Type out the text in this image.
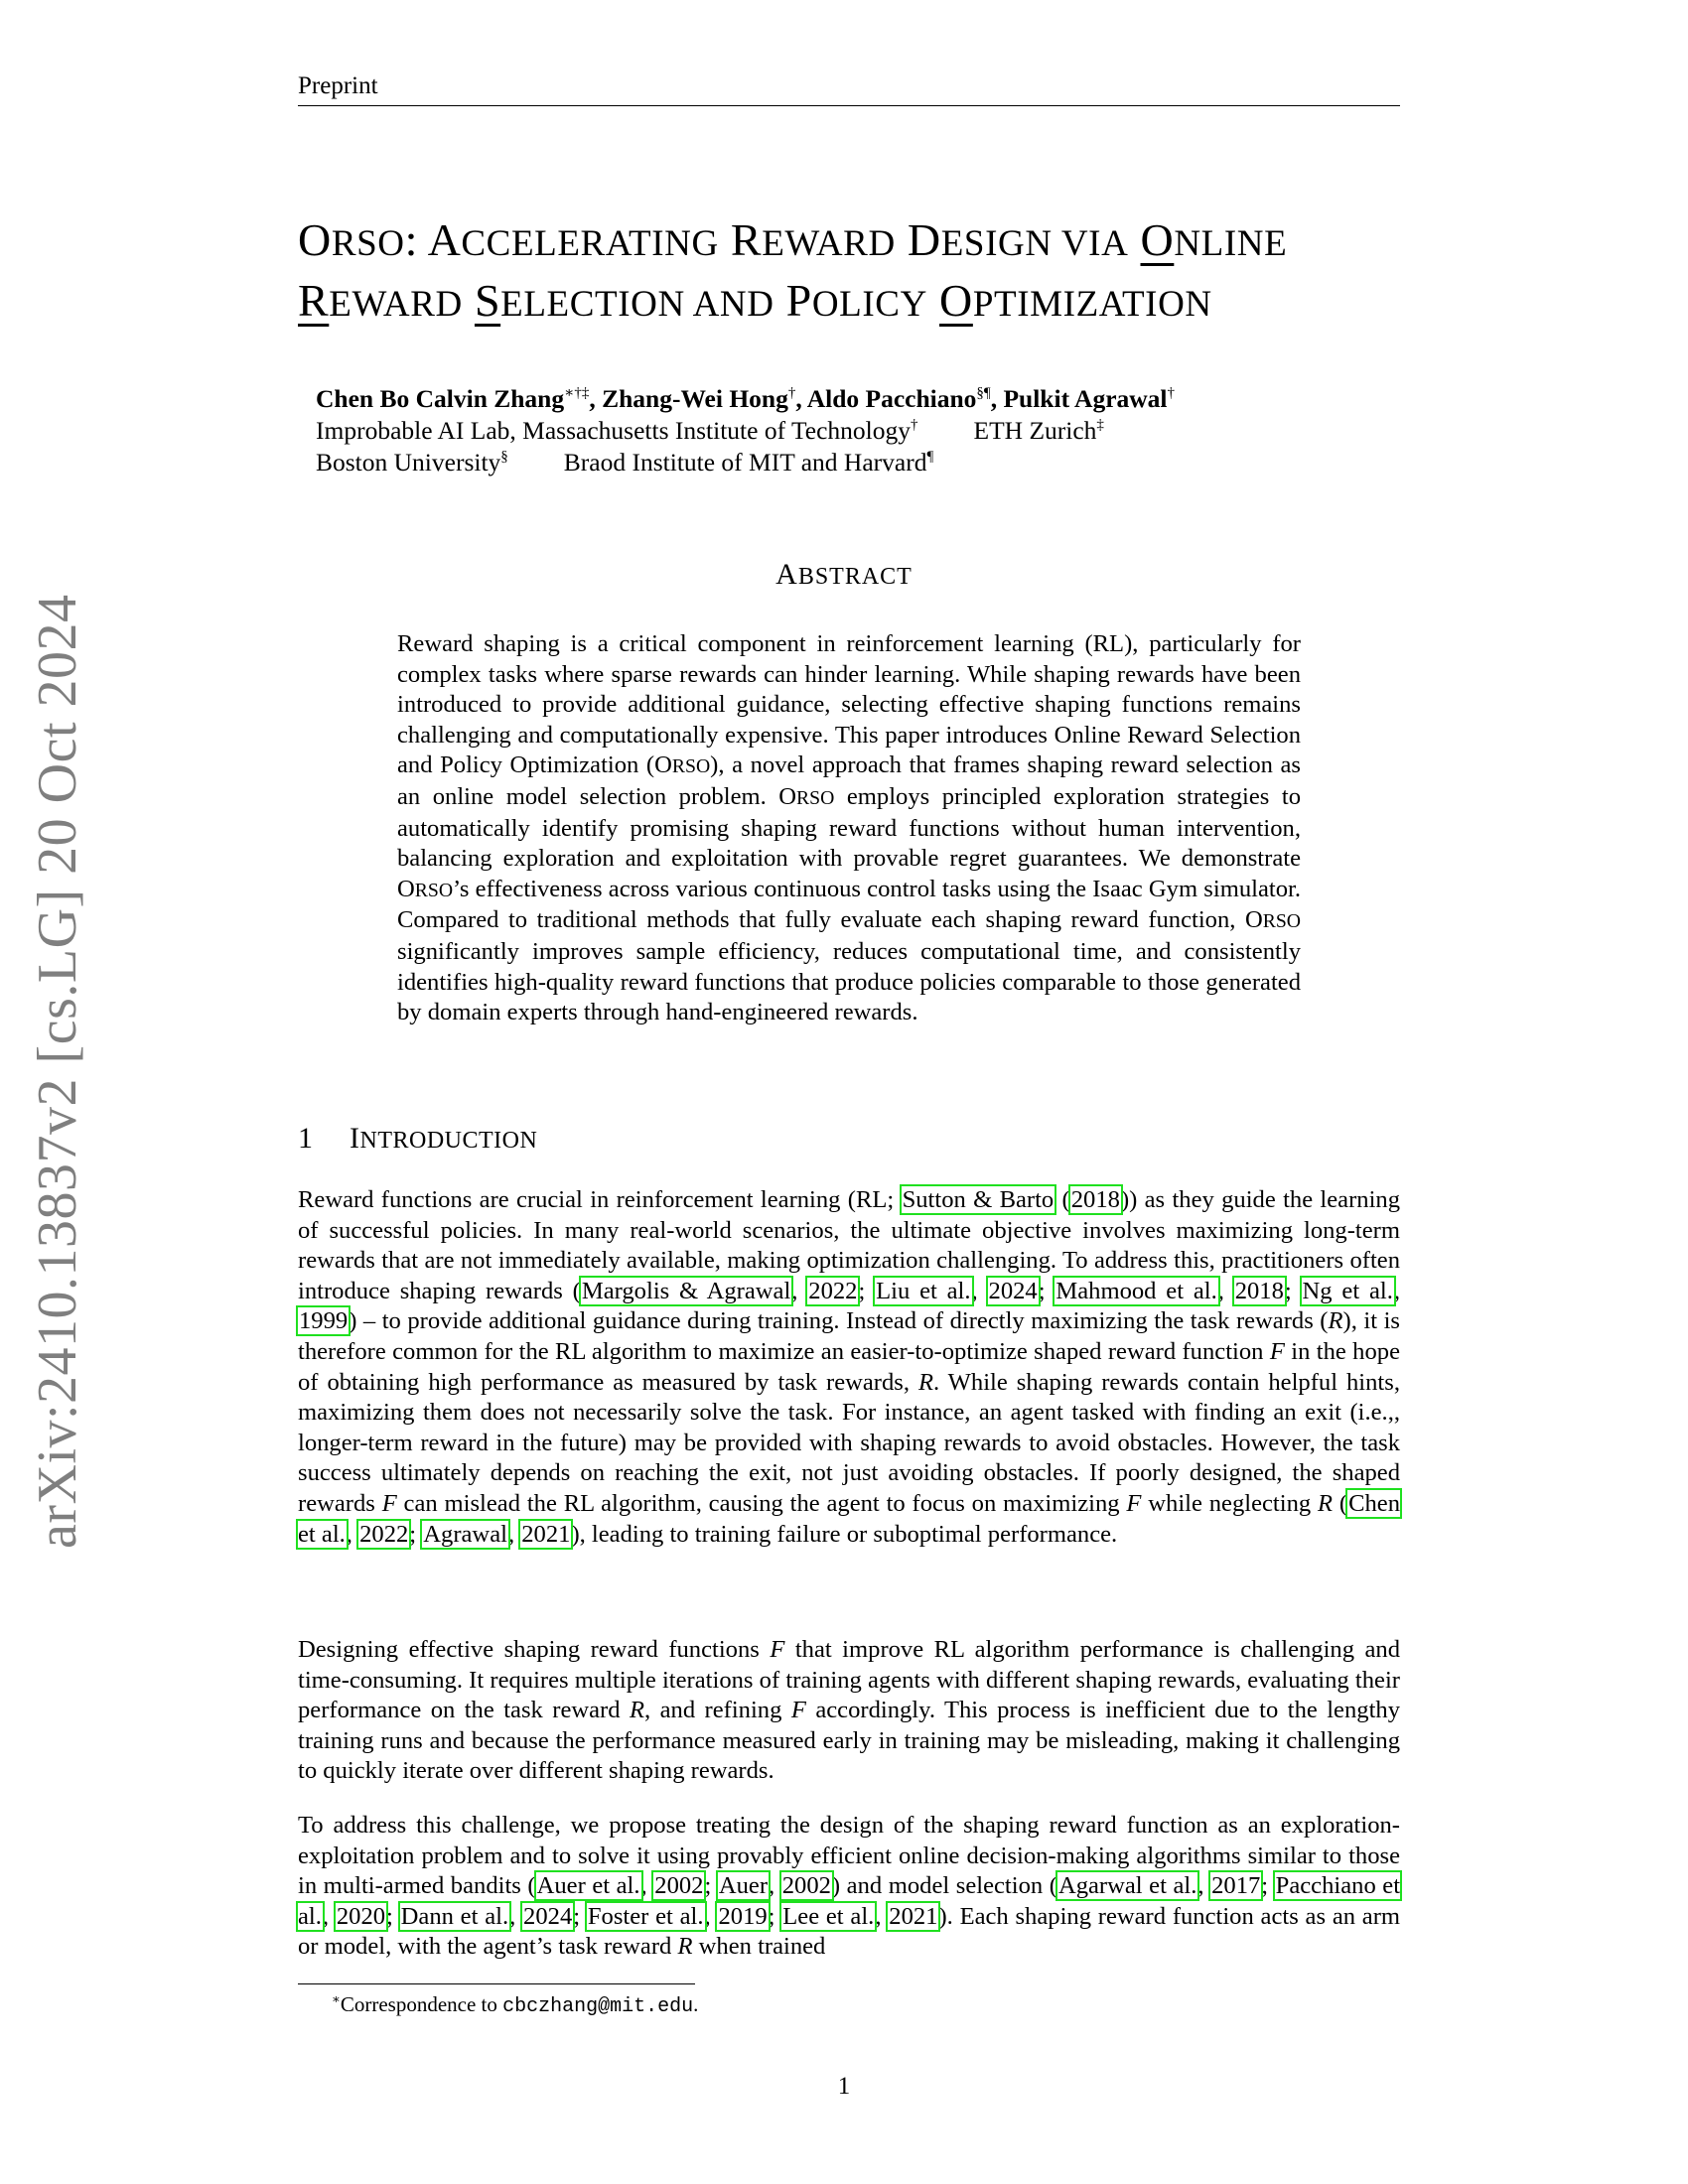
Preprint
arXiv:2410.13837v2 [cs.LG] 20 Oct 2024
ORSO: ACCELERATING REWARD DESIGN VIA ONLINE
REWARD SELECTION AND POLICY OPTIMIZATION
Chen Bo Calvin Zhang∗†‡, Zhang-Wei Hong†, Aldo Pacchiano§¶, Pulkit Agrawal†
Improbable AI Lab, Massachusetts Institute of Technology† ETH Zurich‡
Boston University§ Braod Institute of MIT and Harvard¶
ABSTRACT
Reward shaping is a critical component in reinforcement learning (RL), particularly for complex tasks where sparse rewards can hinder learning. While shaping rewards have been introduced to provide additional guidance, selecting effective shaping functions remains challenging and computationally expensive. This paper introduces Online Reward Selection and Policy Optimization (ORSO), a novel approach that frames shaping reward selection as an online model selection problem. ORSO employs principled exploration strategies to automatically identify promising shaping reward functions without human intervention, balancing exploration and exploitation with provable regret guarantees. We demonstrate ORSO’s effectiveness across various continuous control tasks using the Isaac Gym simulator. Compared to traditional methods that fully evaluate each shaping reward function, ORSO significantly improves sample efficiency, reduces computational time, and consistently identifies high-quality reward functions that produce policies comparable to those generated by domain experts through hand-engineered rewards.
1 INTRODUCTION
Reward functions are crucial in reinforcement learning (RL; Sutton & Barto (2018)) as they guide the learning of successful policies. In many real-world scenarios, the ultimate objective involves maximizing long-term rewards that are not immediately available, making optimization challenging. To address this, practitioners often introduce shaping rewards (Margolis & Agrawal, 2022; Liu et al., 2024; Mahmood et al., 2018; Ng et al., 1999) – to provide additional guidance during training. Instead of directly maximizing the task rewards (R), it is therefore common for the RL algorithm to maximize an easier-to-optimize shaped reward function F in the hope of obtaining high performance as measured by task rewards, R. While shaping rewards contain helpful hints, maximizing them does not necessarily solve the task. For instance, an agent tasked with finding an exit (i.e.,, longer-term reward in the future) may be provided with shaping rewards to avoid obstacles. However, the task success ultimately depends on reaching the exit, not just avoiding obstacles. If poorly designed, the shaped rewards F can mislead the RL algorithm, causing the agent to focus on maximizing F while neglecting R (Chen et al., 2022; Agrawal, 2021), leading to training failure or suboptimal performance.
Designing effective shaping reward functions F that improve RL algorithm performance is challenging and time-consuming. It requires multiple iterations of training agents with different shaping rewards, evaluating their performance on the task reward R, and refining F accordingly. This process is inefficient due to the lengthy training runs and because the performance measured early in training may be misleading, making it challenging to quickly iterate over different shaping rewards.
To address this challenge, we propose treating the design of the shaping reward function as an exploration-exploitation problem and to solve it using provably efficient online decision-making algorithms similar to those in multi-armed bandits (Auer et al., 2002; Auer, 2002) and model selection (Agarwal et al., 2017; Pacchiano et al., 2020; Dann et al., 2024; Foster et al., 2019; Lee et al., 2021). Each shaping reward function acts as an arm or model, with the agent’s task reward R when trained
∗Correspondence to cbczhang@mit.edu.
1
